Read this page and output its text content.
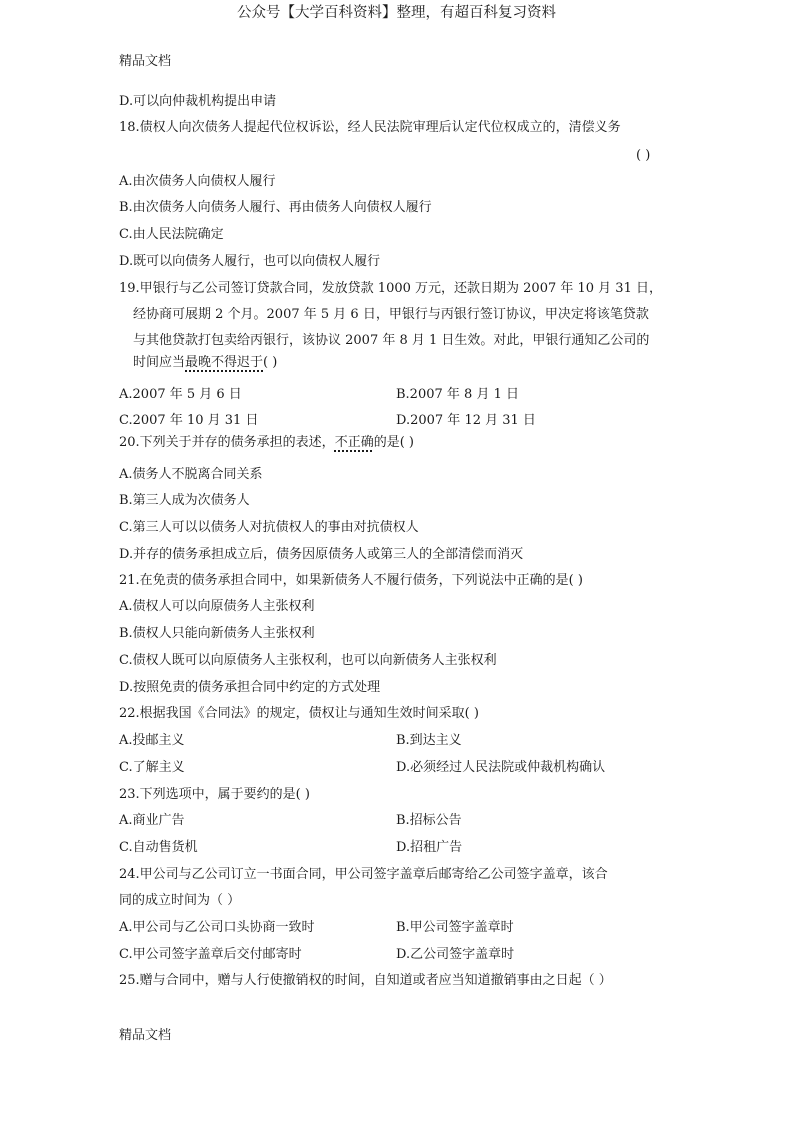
公众号【大学百科资料】整理，有超百科复习资料
精品文档
D.可以向仲裁机构提出申请
18.债权人向次债务人提起代位权诉讼，经人民法院审理后认定代位权成立的，清偿义务
( )
A.由次债务人向债权人履行
B.由次债务人向债务人履行、再由债务人向债权人履行
C.由人民法院确定
D.既可以向债务人履行，也可以向债权人履行
19.甲银行与乙公司签订贷款合同，发放贷款 1000 万元，还款日期为 2007 年 10 月 31 日，
经协商可展期 2 个月。2007 年 5 月 6 日，甲银行与丙银行签订协议，甲决定将该笔贷款
与其他贷款打包卖给丙银行，该协议 2007 年 8 月 1 日生效。对此，甲银行通知乙公司的
时间应当最晚不得迟于( )
A.2007 年 5 月 6 日	B.2007 年 8 月 1 日
C.2007 年 10 月 31 日	D.2007 年 12 月 31 日
20.下列关于并存的债务承担的表述，不正确的是( )
A.债务人不脱离合同关系
B.第三人成为次债务人
C.第三人可以以债务人对抗债权人的事由对抗债权人
D.并存的债务承担成立后，债务因原债务人或第三人的全部清偿而消灭
21.在免责的债务承担合同中，如果新债务人不履行债务，下列说法中正确的是( )
A.债权人可以向原债务人主张权利
B.债权人只能向新债务人主张权利
C.债权人既可以向原债务人主张权利，也可以向新债务人主张权利
D.按照免责的债务承担合同中约定的方式处理
22.根据我国《合同法》的规定，债权让与通知生效时间采取( )
A.投邮主义	B.到达主义
C.了解主义	D.必须经过人民法院或仲裁机构确认
23.下列选项中，属于要约的是( )
A.商业广告	B.招标公告
C.自动售货机	D.招租广告
24.甲公司与乙公司订立一书面合同，甲公司签字盖章后邮寄给乙公司签字盖章，该合
同的成立时间为（ ）
A.甲公司与乙公司口头协商一致时	B.甲公司签字盖章时
C.甲公司签字盖章后交付邮寄时	D.乙公司签字盖章时
25.赠与合同中，赠与人行使撤销权的时间，自知道或者应当知道撤销事由之日起（ ）
精品文档
